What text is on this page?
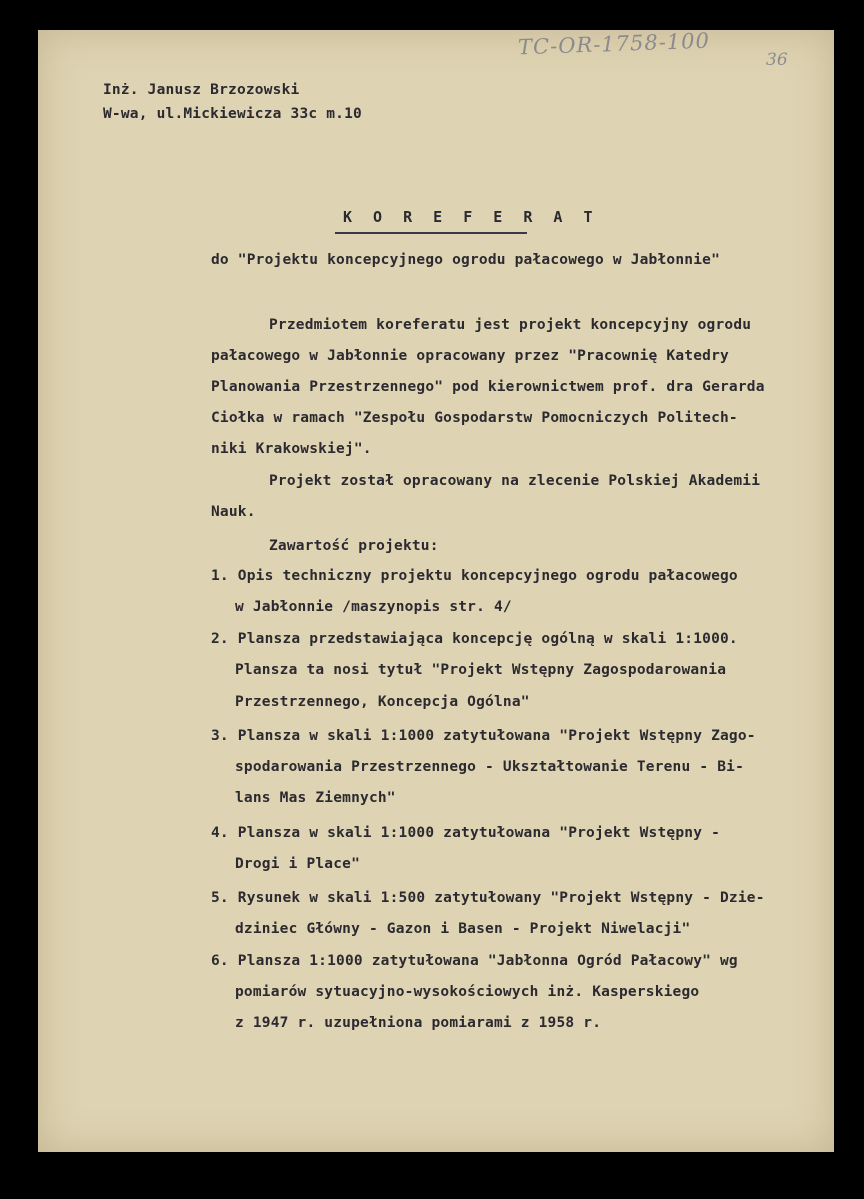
TC-OR-1758-100
36
Inż. Janusz Brzozowski
W-wa, ul.Mickiewicza 33c m.10
K O R E F E R A T
do "Projektu koncepcyjnego ogrodu pałacowego w Jabłonnie"
Przedmiotem koreferatu jest projekt koncepcyjny ogrodu
pałacowego w Jabłonnie opracowany przez "Pracownię Katedry
Planowania Przestrzennego" pod kierownictwem prof. dra Gerarda
Ciołka w ramach "Zespołu Gospodarstw Pomocniczych Politech-
niki Krakowskiej".
Projekt został opracowany na zlecenie Polskiej Akademii
Nauk.
Zawartość projektu:
1. Opis techniczny projektu koncepcyjnego ogrodu pałacowego
w Jabłonnie /maszynopis str. 4/
2. Plansza przedstawiająca koncepcję ogólną w skali 1:1000.
Plansza ta nosi tytuł "Projekt Wstępny Zagospodarowania
Przestrzennego, Koncepcja Ogólna"
3. Plansza w skali 1:1000 zatytułowana "Projekt Wstępny Zago-
spodarowania Przestrzennego - Ukształtowanie Terenu - Bi-
lans Mas Ziemnych"
4. Plansza w skali 1:1000 zatytułowana "Projekt Wstępny -
Drogi i Place"
5. Rysunek w skali 1:500 zatytułowany "Projekt Wstępny - Dzie-
dziniec Główny - Gazon i Basen - Projekt Niwelacji"
6. Plansza 1:1000 zatytułowana "Jabłonna Ogród Pałacowy" wg
pomiarów sytuacyjno-wysokościowych inż. Kasperskiego
z 1947 r. uzupełniona pomiarami z 1958 r.
